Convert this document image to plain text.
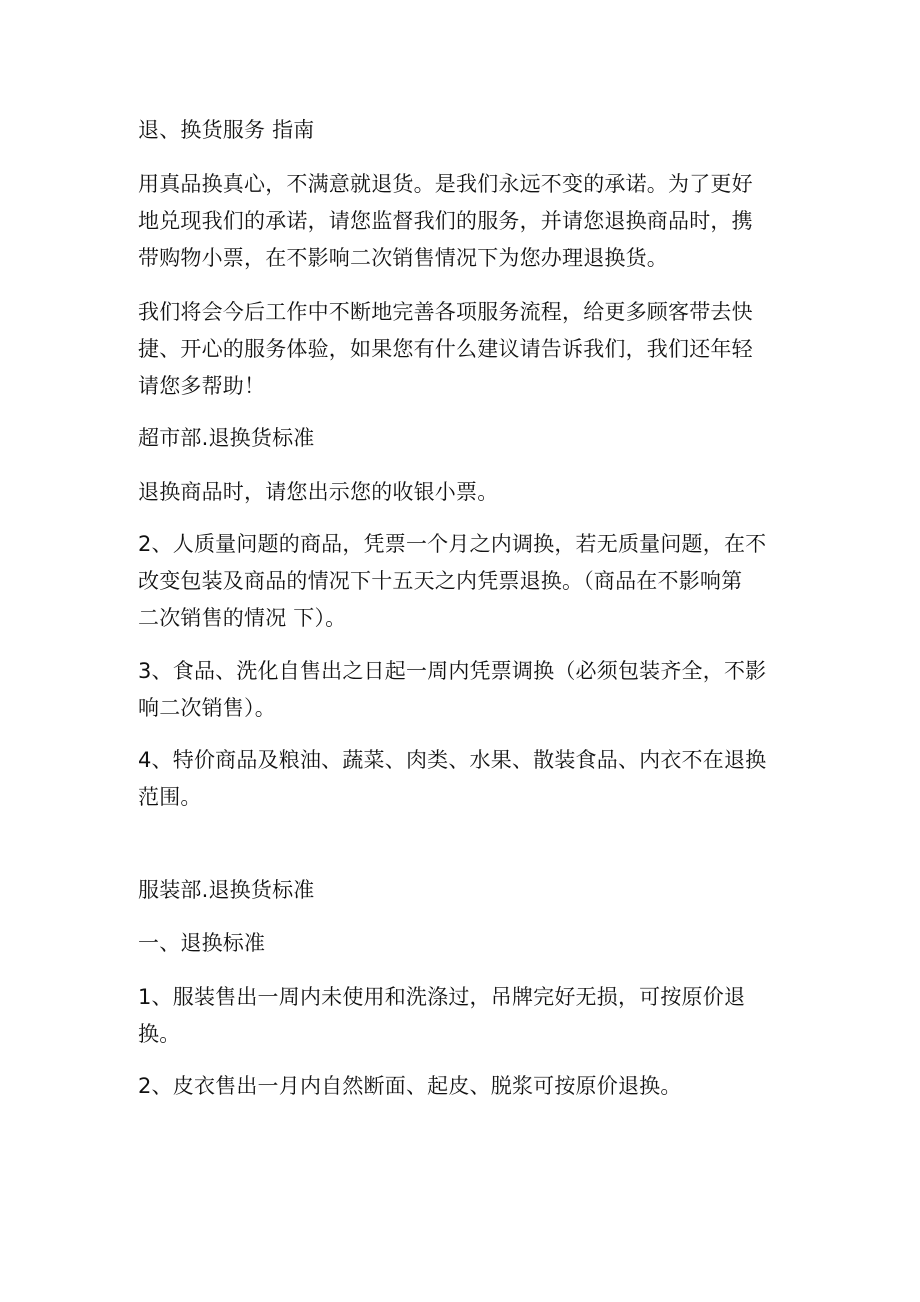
退、换货服务 指南

用真品换真心，不满意就退货。是我们永远不变的承诺。为了更好
地兑现我们的承诺，请您监督我们的服务，并请您退换商品时，携
带购物小票，在不影响二次销售情况下为您办理退换货。

我们将会今后工作中不断地完善各项服务流程，给更多顾客带去快
捷、开心的服务体验，如果您有什么建议请告诉我们，我们还年轻
请您多帮助！

超市部.退换货标准

退换商品时，请您出示您的收银小票。

2、人质量问题的商品，凭票一个月之内调换，若无质量问题，在不
改变包装及商品的情况下十五天之内凭票退换。（商品在不影响第
二次销售的情况 下）。

3、食品、洗化自售出之日起一周内凭票调换（必须包装齐全，不影
响二次销售）。

4、特价商品及粮油、蔬菜、肉类、水果、散装食品、内衣不在退换
范围。

服装部.退换货标准

一、退换标准

1、服装售出一周内未使用和洗涤过，吊牌完好无损，可按原价退
换。

2、皮衣售出一月内自然断面、起皮、脱浆可按原价退换。
